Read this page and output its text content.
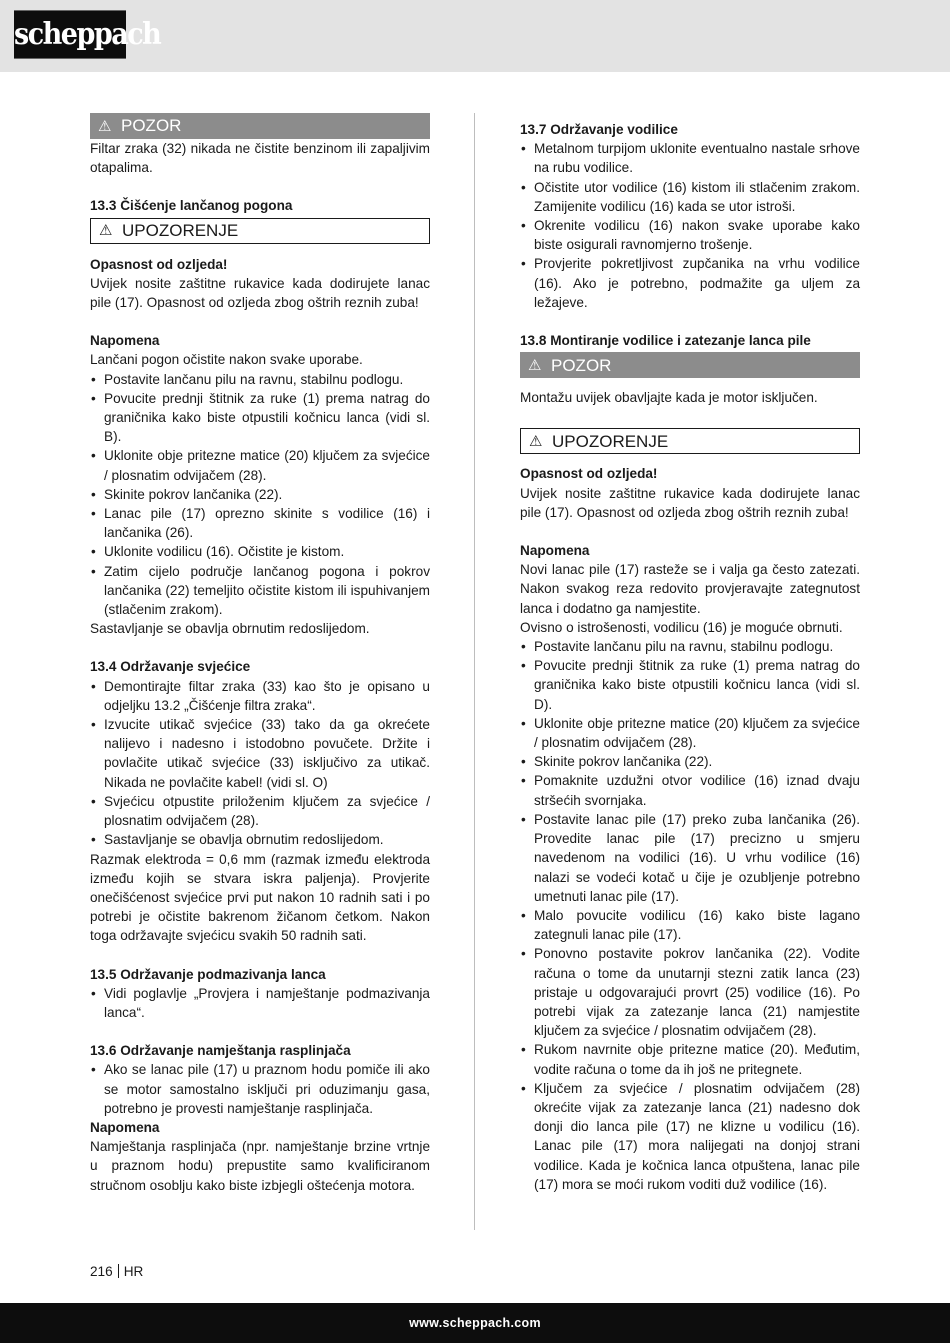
scheppach
⚠ POZOR

Filtar zraka (32) nikada ne čistite benzinom ili zapaljivim otapalima.

13.3 Čišćenje lančanog pogona

⚠ UPOZORENJE

Opasnost od ozljeda!

Uvijek nosite zaštitne rukavice kada dodirujete lanac pile (17). Opasnost od ozljeda zbog oštrih reznih zuba!

Napomena

Lančani pogon očistite nakon svake uporabe.

• Postavite lančanu pilu na ravnu, stabilnu podlogu.
• Povucite prednji štitnik za ruke (1) prema natrag do graničnika kako biste otpustili kočnicu lanca (vidi sl. B).
• Uklonite obje pritezne matice (20) ključem za svjećice / plosnatim odvijačem (28).
• Skinite pokrov lančanika (22).
• Lanac pile (17) oprezno skinite s vodilice (16) i lančanika (26).
• Uklonite vodilicu (16). Očistite je kistom.
• Zatim cijelo područje lančanog pogona i pokrov lančanika (22) temeljito očistite kistom ili ispuhivanjem (stlačenim zrakom).

Sastavljanje se obavlja obrnutim redoslijedom.

13.4 Održavanje svjećice

• Demontirajte filtar zraka (33) kao što je opisano u odjeljku 13.2 „Čišćenje filtra zraka“.
• Izvucite utikač svjećice (33) tako da ga okrećete nalijevo i nadesno i istodobno povučete. Držite i povlačite utikač svjećice (33) isključivo za utikač. Nikada ne povlačite kabel! (vidi sl. O)
• Svjećicu otpustite priloženim ključem za svjećice / plosnatim odvijačem (28).
• Sastavljanje se obavlja obrnutim redoslijedom.

Razmak elektroda = 0,6 mm (razmak između elektroda između kojih se stvara iskra paljenja). Provjerite onečišćenost svjećice prvi put nakon 10 radnih sati i po potrebi je očistite bakrenom žičanom četkom. Nakon toga održavajte svjećicu svakih 50 radnih sati.

13.5 Održavanje podmazivanja lanca

• Vidi poglavlje „Provjera i namještanje podmazivanja lanca“.

13.6 Održavanje namještanja rasplinjača

• Ako se lanac pile (17) u praznom hodu pomiče ili ako se motor samostalno isključi pri oduzimanju gasa, potrebno je provesti namještanje rasplinjača.

Napomena

Namještanja rasplinjača (npr. namještanje brzine vrtnje u praznom hodu) prepustite samo kvalificiranom stručnom osoblju kako biste izbjegli oštećenja motora.

13.7 Održavanje vodilice

• Metalnom turpijom uklonite eventualno nastale srhove na rubu vodilice.
• Očistite utor vodilice (16) kistom ili stlačenim zrakom. Zamijenite vodilicu (16) kada se utor istroši.
• Okrenite vodilicu (16) nakon svake uporabe kako biste osigurali ravnomjerno trošenje.
• Provjerite pokretljivost zupčanika na vrhu vodilice (16). Ako je potrebno, podmažite ga uljem za ležajeve.

13.8 Montiranje vodilice i zatezanje lanca pile

⚠ POZOR

Montažu uvijek obavljajte kada je motor isključen.

⚠ UPOZORENJE

Opasnost od ozljeda!

Uvijek nosite zaštitne rukavice kada dodirujete lanac pile (17). Opasnost od ozljeda zbog oštrih reznih zuba!

Napomena

Novi lanac pile (17) rasteže se i valja ga često zatezati. Nakon svakog reza redovito provjeravajte zategnutost lanca i dodatno ga namjestite.

Ovisno o istrošenosti, vodilicu (16) je moguće obrnuti.

• Postavite lančanu pilu na ravnu, stabilnu podlogu.
• Povucite prednji štitnik za ruke (1) prema natrag do graničnika kako biste otpustili kočnicu lanca (vidi sl. D).
• Uklonite obje pritezne matice (20) ključem za svjećice / plosnatim odvijačem (28).
• Skinite pokrov lančanika (22).
• Pomaknite uzdužni otvor vodilice (16) iznad dvaju stršećih svornjaka.
• Postavite lanac pile (17) preko zuba lančanika (26). Provedite lanac pile (17) precizno u smjeru navedenom na vodilici (16). U vrhu vodilice (16) nalazi se vodeći kotač u čije je ozubljenje potrebno umetnuti lanac pile (17).
• Malo povucite vodilicu (16) kako biste lagano zategnuli lanac pile (17).
• Ponovno postavite pokrov lančanika (22). Vodite računa o tome da unutarnji stezni zatik lanca (23) pristaje u odgovarajući provrt (25) vodilice (16). Po potrebi vijak za zatezanje lanca (21) namjestite ključem za svjećice / plosnatim odvijačem (28).
• Rukom navrnite obje pritezne matice (20). Međutim, vodite računa o tome da ih još ne pritegnete.
• Ključem za svjećice / plosnatim odvijačem (28) okrećite vijak za zatezanje lanca (21) nadesno dok donji dio lanca pile (17) ne klizne u vodilicu (16). Lanac pile (17) mora nalijegati na donjoj strani vodilice. Kada je kočnica lanca otpuštena, lanac pile (17) mora se moći rukom voditi duž vodilice (16).
216 HR
www.scheppach.com
